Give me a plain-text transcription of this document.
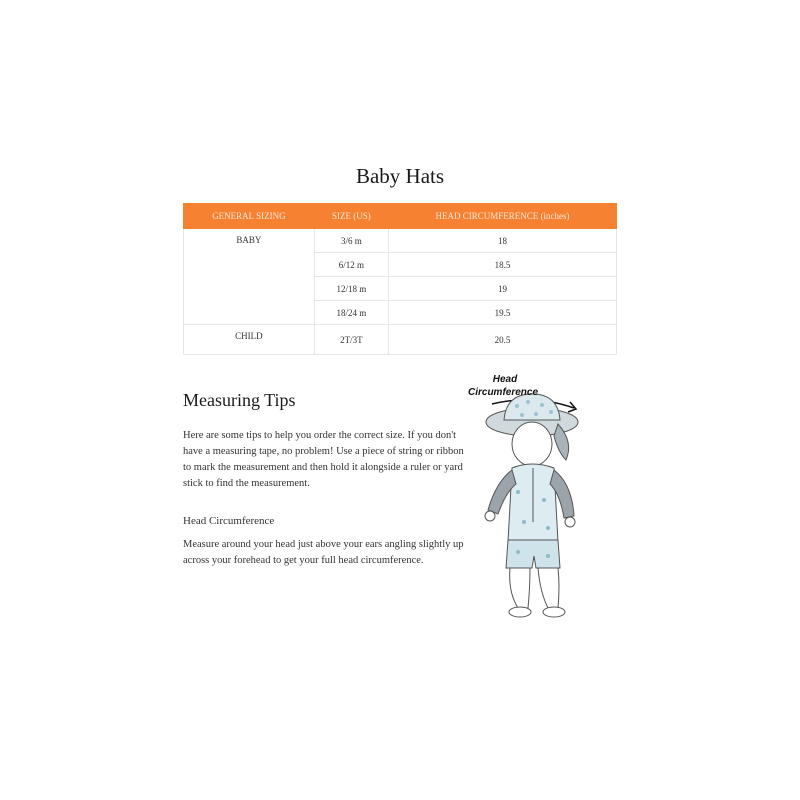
Baby Hats
GENERAL SIZING	SIZE (US)	HEAD CIRCUMFERENCE (inches)
BABY	3/6 m	18
	6/12 m	18.5
	12/18 m	19
	18/24 m	19.5
CHILD	2T/3T	20.5
Measuring Tips
Here are some tips to help you order the correct size. If you don't have a measuring tape, no problem! Use a piece of string or ribbon to mark the measurement and then hold it alongside a ruler or yard stick to find the measurement.
Head Circumference
Measure around your head just above your ears angling slightly up across your forehead to get your full head circumference.
Head
Circumference
